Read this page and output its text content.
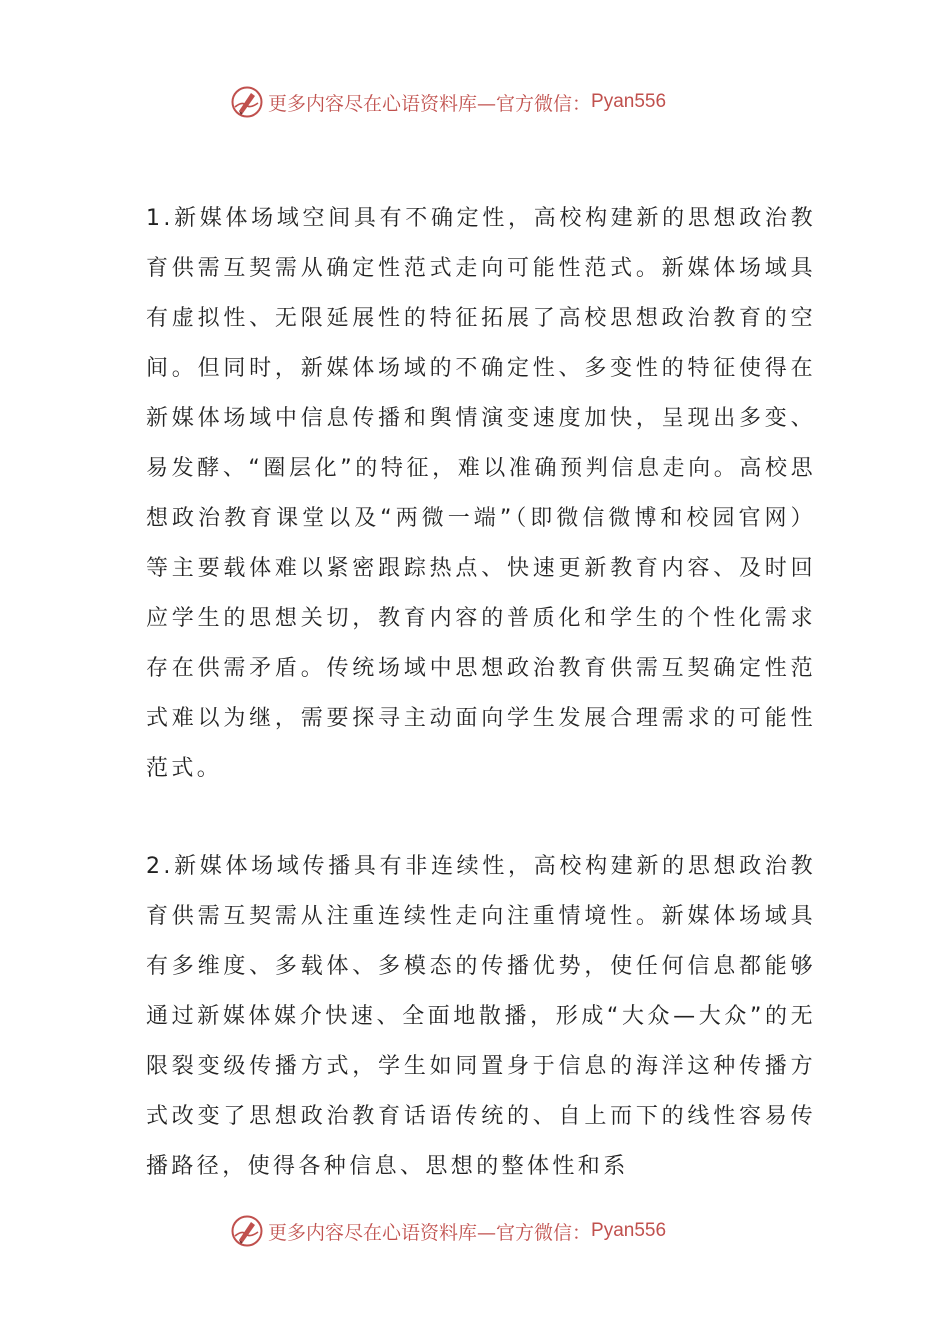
更多内容尽在心语资料库—官方微信： Pyan556

1.新媒体场域空间具有不确定性，高校构建新的思想政治教育供需互契需从确定性范式走向可能性范式。新媒体场域具有虚拟性、无限延展性的特征拓展了高校思想政治教育的空间。但同时，新媒体场域的不确定性、多变性的特征使得在新媒体场域中信息传播和舆情演变速度加快，呈现出多变、易发酵、“圈层化”的特征，难以准确预判信息走向。高校思想政治教育课堂以及“两微一端”（即微信微博和校园官网）等主要载体难以紧密跟踪热点、快速更新教育内容、及时回应学生的思想关切，教育内容的普质化和学生的个性化需求存在供需矛盾。传统场域中思想政治教育供需互契确定性范式难以为继，需要探寻主动面向学生发展合理需求的可能性范式。

2.新媒体场域传播具有非连续性，高校构建新的思想政治教育供需互契需从注重连续性走向注重情境性。新媒体场域具有多维度、多载体、多模态的传播优势，使任何信息都能够通过新媒体媒介快速、全面地散播，形成“大众—大众”的无限裂变级传播方式，学生如同置身于信息的海洋这种传播方式改变了思想政治教育话语传统的、自上而下的线性容易传播路径，使得各种信息、思想的整体性和系

更多内容尽在心语资料库—官方微信： Pyan556
